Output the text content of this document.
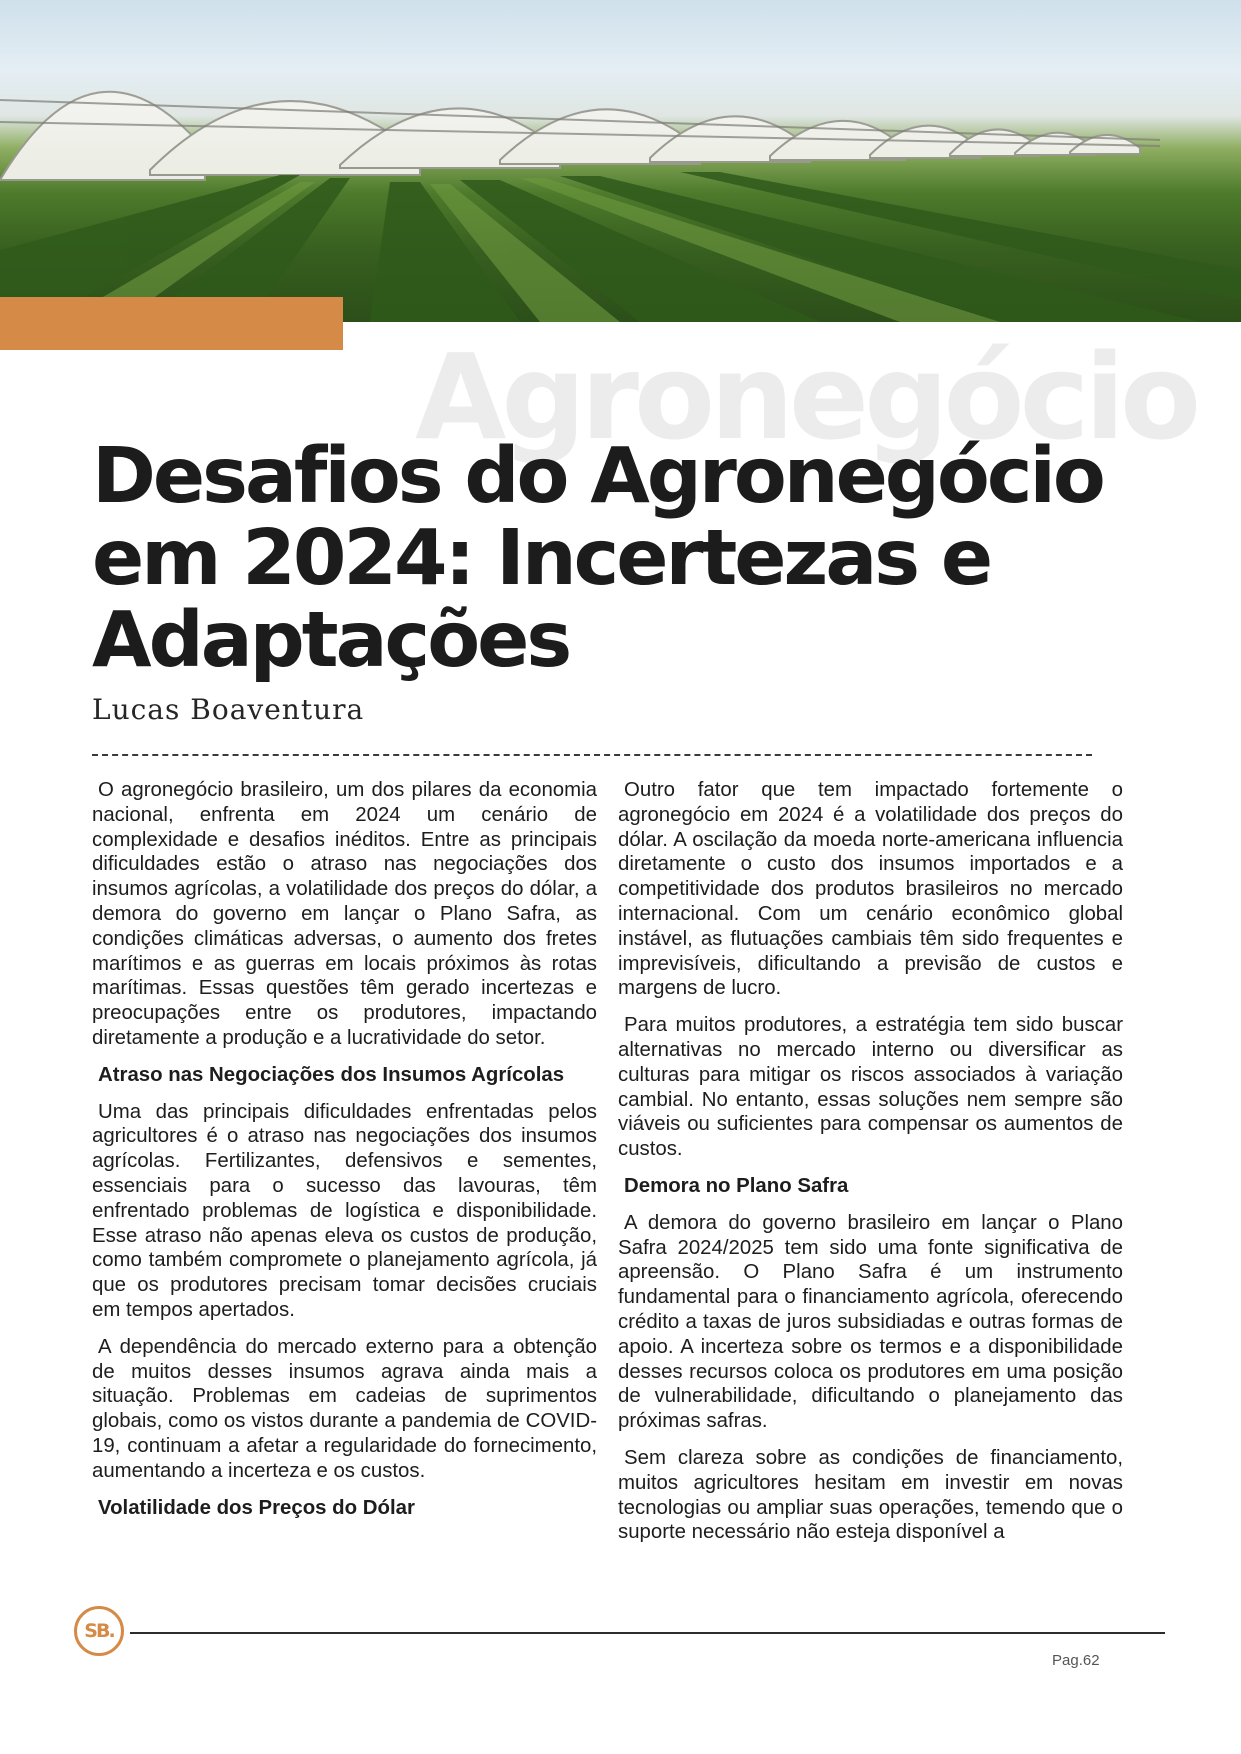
Agronegócio
Desafios do Agronegócio em 2024: Incertezas e Adaptações
Lucas Boaventura

O agronegócio brasileiro, um dos pilares da economia nacional, enfrenta em 2024 um cenário de complexidade e desafios inéditos. Entre as principais dificuldades estão o atraso nas negociações dos insumos agrícolas, a volatilidade dos preços do dólar, a demora do governo em lançar o Plano Safra, as condições climáticas adversas, o aumento dos fretes marítimos e as guerras em locais próximos às rotas marítimas. Essas questões têm gerado incertezas e preocupações entre os produtores, impactando diretamente a produção e a lucratividade do setor.

Atraso nas Negociações dos Insumos Agrícolas

Uma das principais dificuldades enfrentadas pelos agricultores é o atraso nas negociações dos insumos agrícolas. Fertilizantes, defensivos e sementes, essenciais para o sucesso das lavouras, têm enfrentado problemas de logística e disponibilidade. Esse atraso não apenas eleva os custos de produção, como também compromete o planejamento agrícola, já que os produtores precisam tomar decisões cruciais em tempos apertados.

A dependência do mercado externo para a obtenção de muitos desses insumos agrava ainda mais a situação. Problemas em cadeias de suprimentos globais, como os vistos durante a pandemia de COVID-19, continuam a afetar a regularidade do fornecimento, aumentando a incerteza e os custos.

Volatilidade dos Preços do Dólar

Outro fator que tem impactado fortemente o agronegócio em 2024 é a volatilidade dos preços do dólar. A oscilação da moeda norte-americana influencia diretamente o custo dos insumos importados e a competitividade dos produtos brasileiros no mercado internacional. Com um cenário econômico global instável, as flutuações cambiais têm sido frequentes e imprevisíveis, dificultando a previsão de custos e margens de lucro.

Para muitos produtores, a estratégia tem sido buscar alternativas no mercado interno ou diversificar as culturas para mitigar os riscos associados à variação cambial. No entanto, essas soluções nem sempre são viáveis ou suficientes para compensar os aumentos de custos.

Demora no Plano Safra

A demora do governo brasileiro em lançar o Plano Safra 2024/2025 tem sido uma fonte significativa de apreensão. O Plano Safra é um instrumento fundamental para o financiamento agrícola, oferecendo crédito a taxas de juros subsidiadas e outras formas de apoio. A incerteza sobre os termos e a disponibilidade desses recursos coloca os produtores em uma posição de vulnerabilidade, dificultando o planejamento das próximas safras.

Sem clareza sobre as condições de financiamento, muitos agricultores hesitam em investir em novas tecnologias ou ampliar suas operações, temendo que o suporte necessário não esteja disponível a

SB.
Pag.62
